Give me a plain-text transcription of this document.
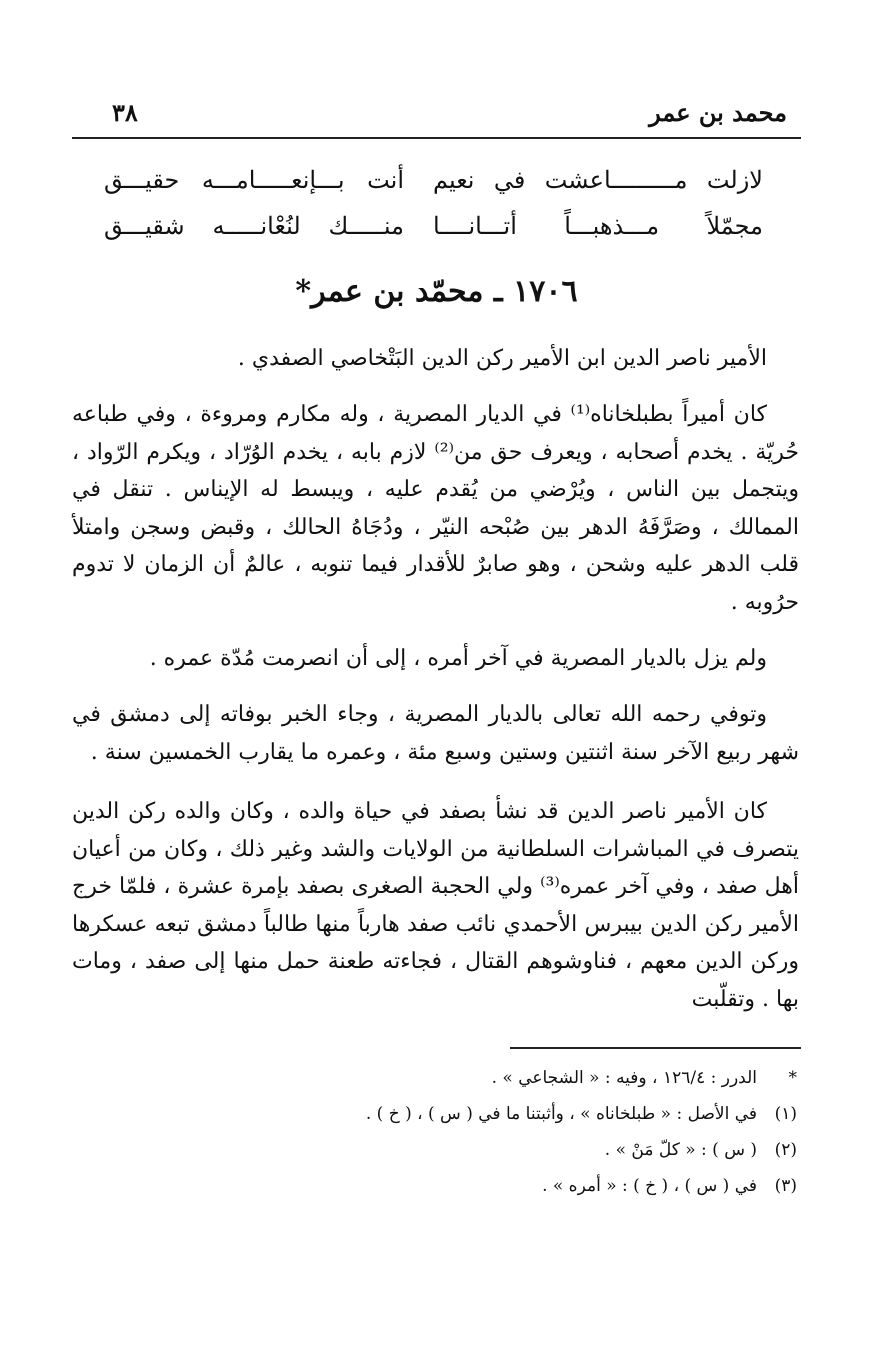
محمد بن عمر
٣٨
لازلت مـــــــــاعشت في نعيم
أنت بـــإنعـــــامـــه حقيـــق
مجمّلاً مـــذهبـــاً أتـــانــــا
منـــــك لنُعْانـــــه شقيـــق
١٧٠٦ ـ محمّد بن عمر*

الأمير ناصر الدين ابن الأمير ركن الدين البَتْخاصي الصفدي .

كان أميراً بطبلخاناه⁽¹⁾ في الديار المصرية ، وله مكارم ومروءة ، وفي طباعه حُريّة . يخدم أصحابه ، ويعرف حق من⁽²⁾ لازم بابه ، يخدم الوُرّاد ، ويكرم الرّواد ، ويتجمل بين الناس ، ويُرْضي من يُقدم عليه ، ويبسط له الإيناس . تنقل في الممالك ، وصَرَّفَهُ الدهر بين صُبْحه النيّر ، ودُجَاهُ الحالك ، وقبض وسجن وامتلأ قلب الدهر عليه وشحن ، وهو صابرٌ للأقدار فيما تنوبه ، عالمٌ أن الزمان لا تدوم حرُوبه .

ولم يزل بالديار المصرية في آخر أمره ، إلى أن انصرمت مُدّة عمره .

وتوفي رحمه الله تعالى بالديار المصرية ، وجاء الخبر بوفاته إلى دمشق في شهر ربيع الآخر سنة اثنتين وستين وسبع مئة ، وعمره ما يقارب الخمسين سنة .

كان الأمير ناصر الدين قد نشأ بصفد في حياة والده ، وكان والده ركن الدين يتصرف في المباشرات السلطانية من الولايات والشد وغير ذلك ، وكان من أعيان أهل صفد ، وفي آخر عمره⁽³⁾ ولي الحجبة الصغرى بصفد بإمرة عشرة ، فلمّا خرج الأمير ركن الدين بيبرس الأحمدي نائب صفد هارباً منها طالباً دمشق تبعه عسكرها وركن الدين معهم ، فناوشوهم القتال ، فجاءته طعنة حمل منها إلى صفد ، ومات بها . وتقلّبت

*
الدرر : ١٢٦/٤ ، وفيه : « الشجاعي » .
(١)
في الأصل : « طبلخاناه » ، وأثبتنا ما في ( س ) ، ( خ ) .
(٢)
( س ) : « كلّ مَنْ » .
(٣)
في ( س ) ، ( خ ) : « أمره » .
